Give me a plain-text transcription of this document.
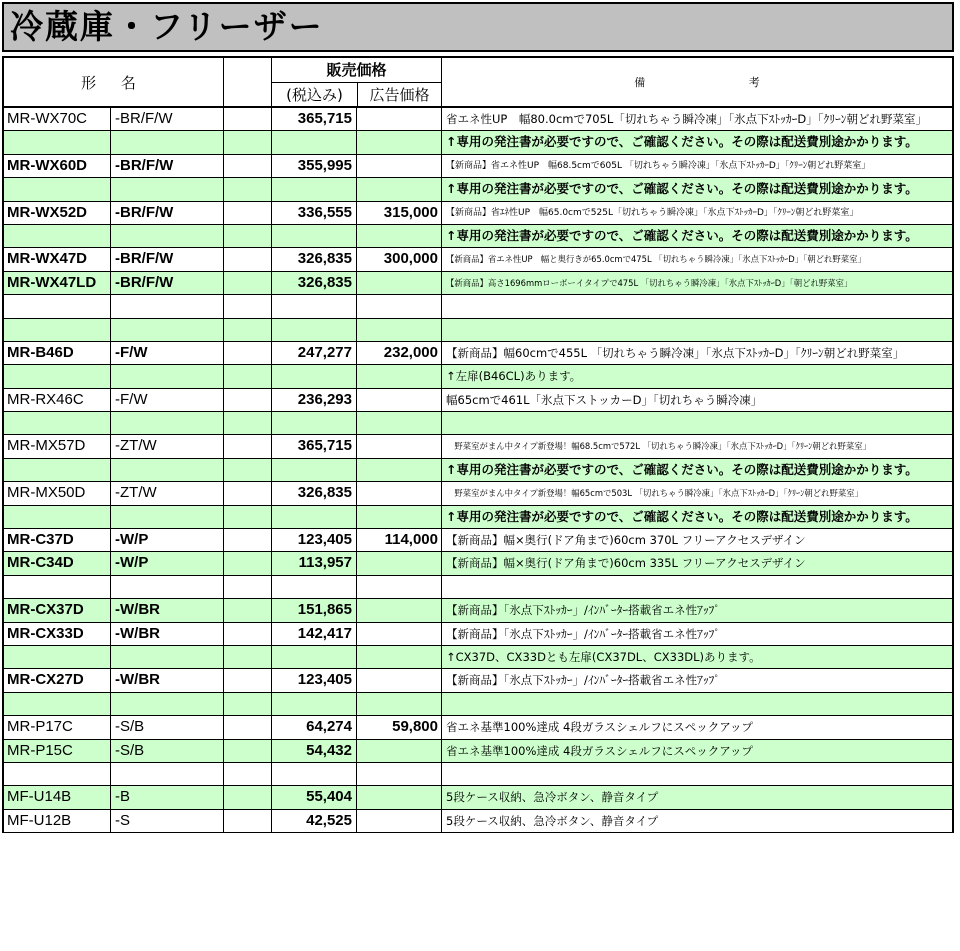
冷蔵庫・フリーザー
形 名
販売価格
(税込み)	広告価格
備 考
MR-WX70C	-BR/F/W	365,715	省エネ性UP　幅80.0cmで705L「切れちゃう瞬冷凍」「氷点下ｽﾄｯｶｰD」「ｸﾘｰﾝ朝どれ野菜室」
↑専用の発注書が必要ですので、ご確認ください。その際は配送費別途かかります。
MR-WX60D	-BR/F/W	355,995	【新商品】省エネ性UP　幅68.5cmで605L 「切れちゃう瞬冷凍」「氷点下ｽﾄｯｶｰD」「ｸﾘｰﾝ朝どれ野菜室」
↑専用の発注書が必要ですので、ご確認ください。その際は配送費別途かかります。
MR-WX52D	-BR/F/W	336,555	315,000 【新商品】省ｴﾈ性UP　幅65.0cmで525L「切れちゃう瞬冷凍」「氷点下ｽﾄｯｶｰD」「ｸﾘｰﾝ朝どれ野菜室」
↑専用の発注書が必要ですので、ご確認ください。その際は配送費別途かかります。
MR-WX47D	-BR/F/W	326,835	300,000 【新商品】省エネ性UP　幅と奥行きが65.0cmで475L 「切れちゃう瞬冷凍」「氷点下ｽﾄｯｶｰD」「朝どれ野菜室」
MR-WX47LD	-BR/F/W	326,835	【新商品】高さ1696mmローボーイタイプで475L 「切れちゃう瞬冷凍」「氷点下ｽﾄｯｶｰD」「朝どれ野菜室」
MR-B46D	-F/W	247,277	232,000 【新商品】幅60cmで455L 「切れちゃう瞬冷凍」「氷点下ｽﾄｯｶｰD」「ｸﾘｰﾝ朝どれ野菜室」
↑左扉(B46CL)あります。
MR-RX46C	-F/W	236,293	幅65cmで461L「氷点下ストッカーD」「切れちゃう瞬冷凍」
MR-MX57D	-ZT/W	365,715	　野菜室がまん中タイプ新登場！幅68.5cmで572L 「切れちゃう瞬冷凍」「氷点下ｽﾄｯｶｰD」「ｸﾘｰﾝ朝どれ野菜室」
↑専用の発注書が必要ですので、ご確認ください。その際は配送費別途かかります。
MR-MX50D	-ZT/W	326,835	　野菜室がまん中タイプ新登場！幅65cmで503L 「切れちゃう瞬冷凍」「氷点下ｽﾄｯｶｰD」「ｸﾘｰﾝ朝どれ野菜室」
↑専用の発注書が必要ですので、ご確認ください。その際は配送費別途かかります。
MR-C37D	-W/P	123,405	114,000 【新商品】幅×奥行(ドア角まで)60cm 370L フリーアクセスデザイン
MR-C34D	-W/P	113,957	【新商品】幅×奥行(ドア角まで)60cm 335L フリーアクセスデザイン
MR-CX37D	-W/BR	151,865	【新商品】「氷点下ｽﾄｯｶｰ」/ｲﾝﾊﾞｰﾀｰ搭載省エネ性ｱｯﾌﾟ
MR-CX33D	-W/BR	142,417	【新商品】「氷点下ｽﾄｯｶｰ」/ｲﾝﾊﾞｰﾀｰ搭載省エネ性ｱｯﾌﾟ
↑CX37D、CX33Dとも左扉(CX37DL、CX33DL)あります。
MR-CX27D	-W/BR	123,405	【新商品】「氷点下ｽﾄｯｶｰ」/ｲﾝﾊﾞｰﾀｰ搭載省エネ性ｱｯﾌﾟ
MR-P17C	-S/B	64,274	59,800 省エネ基準100%達成 4段ガラスシェルフにスペックアップ
MR-P15C	-S/B	54,432	省エネ基準100%達成 4段ガラスシェルフにスペックアップ
MF-U14B	-B	55,404	5段ケース収納、急冷ボタン、静音タイプ
MF-U12B	-S	42,525	5段ケース収納、急冷ボタン、静音タイプ
